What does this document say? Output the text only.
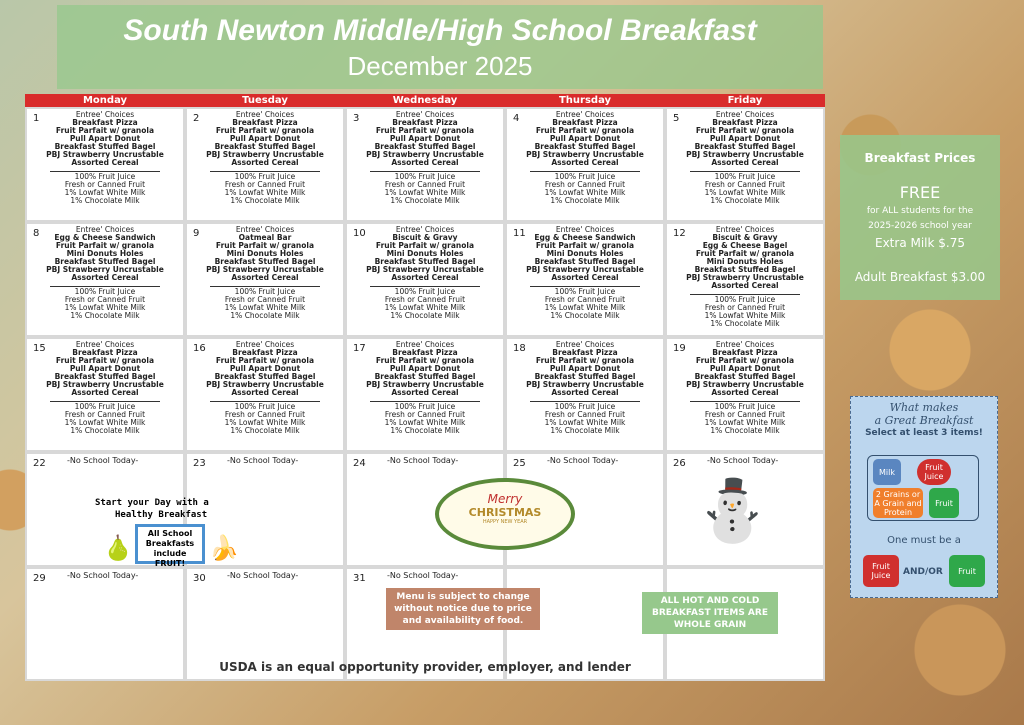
South Newton Middle/High School Breakfast
December 2025
Monday	Tuesday	Wednesday	Thursday	Friday
1	Entree' Choices
Breakfast Pizza
Fruit Parfait w/ granola
Pull Apart Donut
Breakfast Stuffed Bagel
PBJ Strawberry Uncrustable
Assorted Cereal
100% Fruit Juice
Fresh or Canned Fruit
1% Lowfat White Milk
1% Chocolate Milk
2	Entree' Choices
Breakfast Pizza
Fruit Parfait w/ granola
Pull Apart Donut
Breakfast Stuffed Bagel
PBJ Strawberry Uncrustable
Assorted Cereal
100% Fruit Juice
Fresh or Canned Fruit
1% Lowfat White Milk
1% Chocolate Milk
3	Entree' Choices
Breakfast Pizza
Fruit Parfait w/ granola
Pull Apart Donut
Breakfast Stuffed Bagel
PBJ Strawberry Uncrustable
Assorted Cereal
100% Fruit Juice
Fresh or Canned Fruit
1% Lowfat White Milk
1% Chocolate Milk
4	Entree' Choices
Breakfast Pizza
Fruit Parfait w/ granola
Pull Apart Donut
Breakfast Stuffed Bagel
PBJ Strawberry Uncrustable
Assorted Cereal
100% Fruit Juice
Fresh or Canned Fruit
1% Lowfat White Milk
1% Chocolate Milk
5	Entree' Choices
Breakfast Pizza
Fruit Parfait w/ granola
Pull Apart Donut
Breakfast Stuffed Bagel
PBJ Strawberry Uncrustable
Assorted Cereal
100% Fruit Juice
Fresh or Canned Fruit
1% Lowfat White Milk
1% Chocolate Milk
8	Entree' Choices
Egg & Cheese Sandwich
Fruit Parfait w/ granola
Mini Donuts Holes
Breakfast Stuffed Bagel
PBJ Strawberry Uncrustable
Assorted Cereal
100% Fruit Juice
Fresh or Canned Fruit
1% Lowfat White Milk
1% Chocolate Milk
9	Entree' Choices
Oatmeal Bar
Fruit Parfait w/ granola
Mini Donuts Holes
Breakfast Stuffed Bagel
PBJ Strawberry Uncrustable
Assorted Cereal
100% Fruit Juice
Fresh or Canned Fruit
1% Lowfat White Milk
1% Chocolate Milk
10	Entree' Choices
Biscuit & Gravy
Fruit Parfait w/ granola
Mini Donuts Holes
Breakfast Stuffed Bagel
PBJ Strawberry Uncrustable
Assorted Cereal
100% Fruit Juice
Fresh or Canned Fruit
1% Lowfat White Milk
1% Chocolate Milk
11	Entree' Choices
Egg & Cheese Sandwich
Fruit Parfait w/ granola
Mini Donuts Holes
Breakfast Stuffed Bagel
PBJ Strawberry Uncrustable
Assorted Cereal
100% Fruit Juice
Fresh or Canned Fruit
1% Lowfat White Milk
1% Chocolate Milk
12	Entree' Choices
Biscuit & Gravy
Egg & Cheese Bagel
Fruit Parfait w/ granola
Mini Donuts Holes
Breakfast Stuffed Bagel
PBJ Strawberry Uncrustable
Assorted Cereal
100% Fruit Juice
Fresh or Canned Fruit
1% Lowfat White Milk
1% Chocolate Milk
15	Entree' Choices
Breakfast Pizza
Fruit Parfait w/ granola
Pull Apart Donut
Breakfast Stuffed Bagel
PBJ Strawberry Uncrustable
Assorted Cereal
100% Fruit Juice
Fresh or Canned Fruit
1% Lowfat White Milk
1% Chocolate Milk
16	Entree' Choices
Breakfast Pizza
Fruit Parfait w/ granola
Pull Apart Donut
Breakfast Stuffed Bagel
PBJ Strawberry Uncrustable
Assorted Cereal
100% Fruit Juice
Fresh or Canned Fruit
1% Lowfat White Milk
1% Chocolate Milk
17	Entree' Choices
Breakfast Pizza
Fruit Parfait w/ granola
Pull Apart Donut
Breakfast Stuffed Bagel
PBJ Strawberry Uncrustable
Assorted Cereal
100% Fruit Juice
Fresh or Canned Fruit
1% Lowfat White Milk
1% Chocolate Milk
18	Entree' Choices
Breakfast Pizza
Fruit Parfait w/ granola
Pull Apart Donut
Breakfast Stuffed Bagel
PBJ Strawberry Uncrustable
Assorted Cereal
100% Fruit Juice
Fresh or Canned Fruit
1% Lowfat White Milk
1% Chocolate Milk
19	Entree' Choices
Breakfast Pizza
Fruit Parfait w/ granola
Pull Apart Donut
Breakfast Stuffed Bagel
PBJ Strawberry Uncrustable
Assorted Cereal
100% Fruit Juice
Fresh or Canned Fruit
1% Lowfat White Milk
1% Chocolate Milk
22	-No School Today-	23	-No School Today-	24	-No School Today-	25	-No School Today-	26	-No School Today-
29	-No School Today-	30	-No School Today-	31	-No School Today-
Start your Day with a
Healthy Breakfast
All School Breakfasts include FRUIT!
🍐	🍌
Merry
CHRISTMAS
HAPPY NEW YEAR	⛄
Menu is subject to change without notice due to price and availability of food.
ALL HOT AND COLD BREAKFAST ITEMS ARE WHOLE GRAIN
USDA is an equal opportunity provider, employer, and lender
Breakfast Prices
FREE
for ALL students for the 2025-2026 school year
Extra Milk $.75
Adult Breakfast $3.00
What makes
a Great Breakfast
Select at least 3 items!
Milk	Fruit Juice
2 Grains or A Grain and Protein
Fruit
One must be a
Fruit Juice	AND/OR	Fruit
